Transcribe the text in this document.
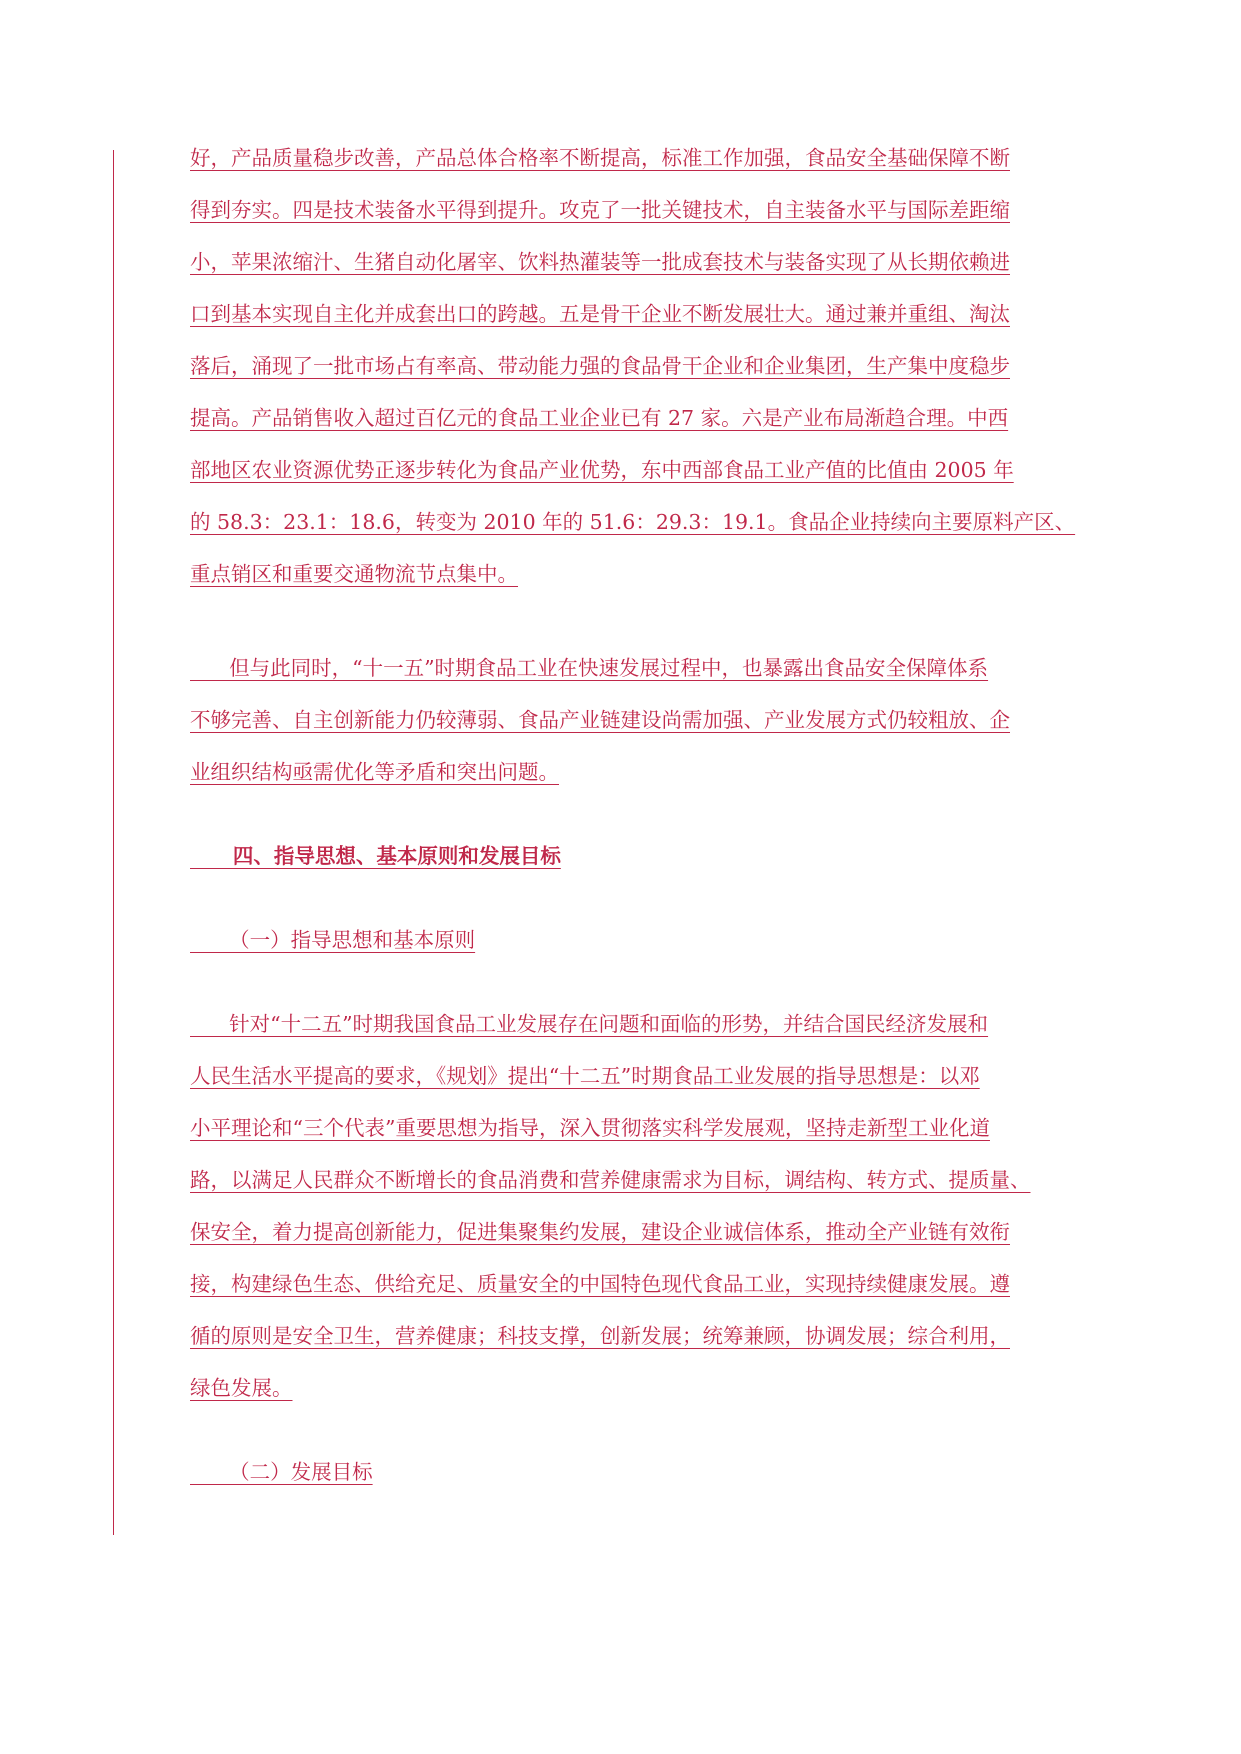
好，产品质量稳步改善，产品总体合格率不断提高，标准工作加强，食品安全基础保障不断
得到夯实。四是技术装备水平得到提升。攻克了一批关键技术，自主装备水平与国际差距缩
小，苹果浓缩汁、生猪自动化屠宰、饮料热灌装等一批成套技术与装备实现了从长期依赖进
口到基本实现自主化并成套出口的跨越。五是骨干企业不断发展壮大。通过兼并重组、淘汰
落后，涌现了一批市场占有率高、带动能力强的食品骨干企业和企业集团，生产集中度稳步
提高。产品销售收入超过百亿元的食品工业企业已有 27 家。六是产业布局渐趋合理。中西
部地区农业资源优势正逐步转化为食品产业优势，东中西部食品工业产值的比值由 2005 年
的 58.3：23.1：18.6，转变为 2010 年的 51.6：29.3：19.1。食品企业持续向主要原料产区、
重点销区和重要交通物流节点集中。
但与此同时，“十一五”时期食品工业在快速发展过程中，也暴露出食品安全保障体系
不够完善、自主创新能力仍较薄弱、食品产业链建设尚需加强、产业发展方式仍较粗放、企
业组织结构亟需优化等矛盾和突出问题。
四、指导思想、基本原则和发展目标
（一）指导思想和基本原则
针对“十二五”时期我国食品工业发展存在问题和面临的形势，并结合国民经济发展和
人民生活水平提高的要求，《规划》提出“十二五”时期食品工业发展的指导思想是：以邓
小平理论和“三个代表”重要思想为指导，深入贯彻落实科学发展观，坚持走新型工业化道
路，以满足人民群众不断增长的食品消费和营养健康需求为目标，调结构、转方式、提质量、
保安全，着力提高创新能力，促进集聚集约发展，建设企业诚信体系，推动全产业链有效衔
接，构建绿色生态、供给充足、质量安全的中国特色现代食品工业，实现持续健康发展。遵
循的原则是安全卫生，营养健康；科技支撑，创新发展；统筹兼顾，协调发展；综合利用，
绿色发展。
（二）发展目标
